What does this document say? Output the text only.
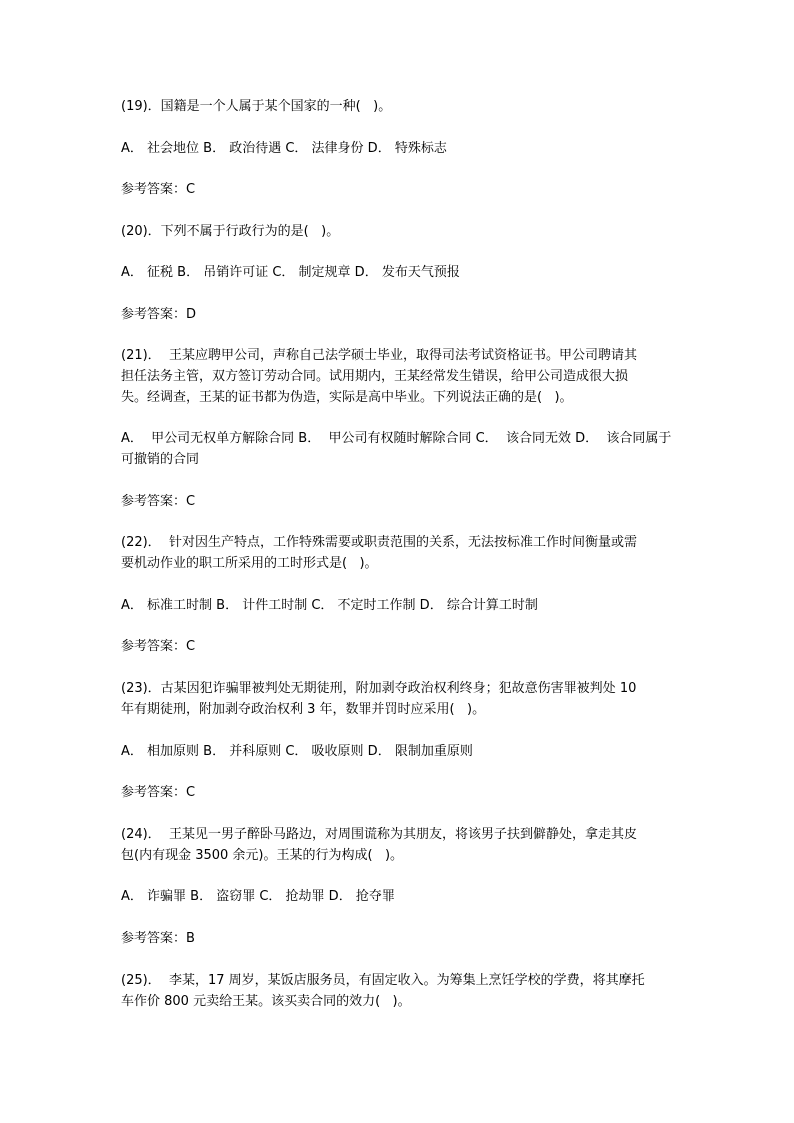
(19)．国籍是一个人属于某个国家的一种(   )。
A． 社会地位 B． 政治待遇 C． 法律身份 D． 特殊标志
参考答案：C
(20)．下列不属于行政行为的是(   )。
A． 征税 B． 吊销许可证 C． 制定规章 D． 发布天气预报
参考答案：D
(21)．  王某应聘甲公司，声称自己法学硕士毕业，取得司法考试资格证书。甲公司聘请其
担任法务主管，双方签订劳动合同。试用期内，王某经常发生错误，给甲公司造成很大损
失。经调查，王某的证书都为伪造，实际是高中毕业。下列说法正确的是(   )。
A．  甲公司无权单方解除合同 B．  甲公司有权随时解除合同 C．  该合同无效 D．  该合同属于
可撤销的合同
参考答案：C
(22)．  针对因生产特点，工作特殊需要或职责范围的关系，无法按标准工作时间衡量或需
要机动作业的职工所采用的工时形式是(   )。
A． 标准工时制 B． 计件工时制 C． 不定时工作制 D． 综合计算工时制
参考答案：C
(23)．古某因犯诈骗罪被判处无期徒刑，附加剥夺政治权利终身；犯故意伤害罪被判处 10
年有期徒刑，附加剥夺政治权利 3 年，数罪并罚时应采用(   )。
A． 相加原则 B． 并科原则 C． 吸收原则 D． 限制加重原则
参考答案：C
(24)．  王某见一男子醉卧马路边，对周围谎称为其朋友，将该男子扶到僻静处，拿走其皮
包(内有现金 3500 余元)。王某的行为构成(   )。
A． 诈骗罪 B． 盗窃罪 C． 抢劫罪 D． 抢夺罪
参考答案：B
(25)．  李某，17 周岁，某饭店服务员，有固定收入。为筹集上烹饪学校的学费，将其摩托
车作价 800 元卖给王某。该买卖合同的效力(   )。
